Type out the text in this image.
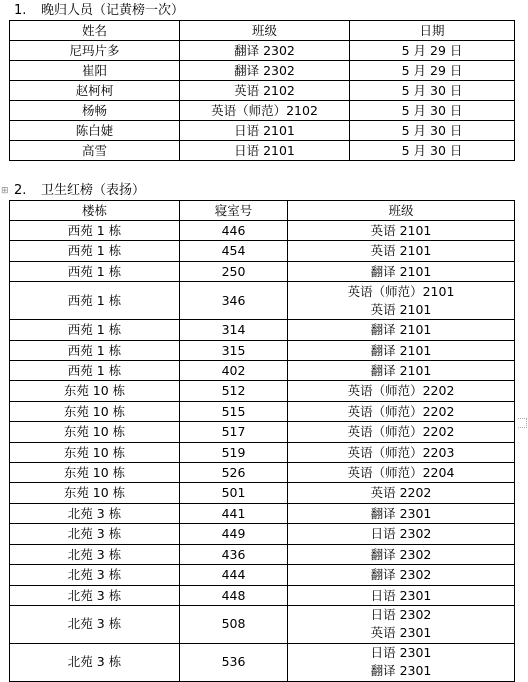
1. 晚归人员（记黄榜一次）
姓名	班级	日期
尼玛片多	翻译 2302	5 月 29 日
崔阳	翻译 2302	5 月 29 日
赵柯柯	英语 2102	5 月 30 日
杨畅	英语（师范）2102	5 月 30 日
陈白婕	日语 2101	5 月 30 日
高雪	日语 2101	5 月 30 日
⊞ 2. 卫生红榜（表扬）
楼栋	寝室号	班级
西苑 1 栋	446	英语 2101
西苑 1 栋	454	英语 2101
西苑 1 栋	250	翻译 2101
西苑 1 栋	346	英语（师范）2101
英语 2101

西苑 1 栋	314	翻译 2101
西苑 1 栋	315	翻译 2101
西苑 1 栋	402	翻译 2101
东苑 10 栋	512	英语（师范）2202
东苑 10 栋	515	英语（师范）2202
东苑 10 栋	517	英语（师范）2202
东苑 10 栋	519	英语（师范）2203
东苑 10 栋	526	英语（师范）2204
东苑 10 栋	501	英语 2202
北苑 3 栋	441	翻译 2301
北苑 3 栋	449	日语 2302
北苑 3 栋	436	翻译 2302
北苑 3 栋	444	翻译 2302
北苑 3 栋	448	日语 2301
北苑 3 栋	508	日语 2302
英语 2301

北苑 3 栋	536	日语 2301
翻译 2301
